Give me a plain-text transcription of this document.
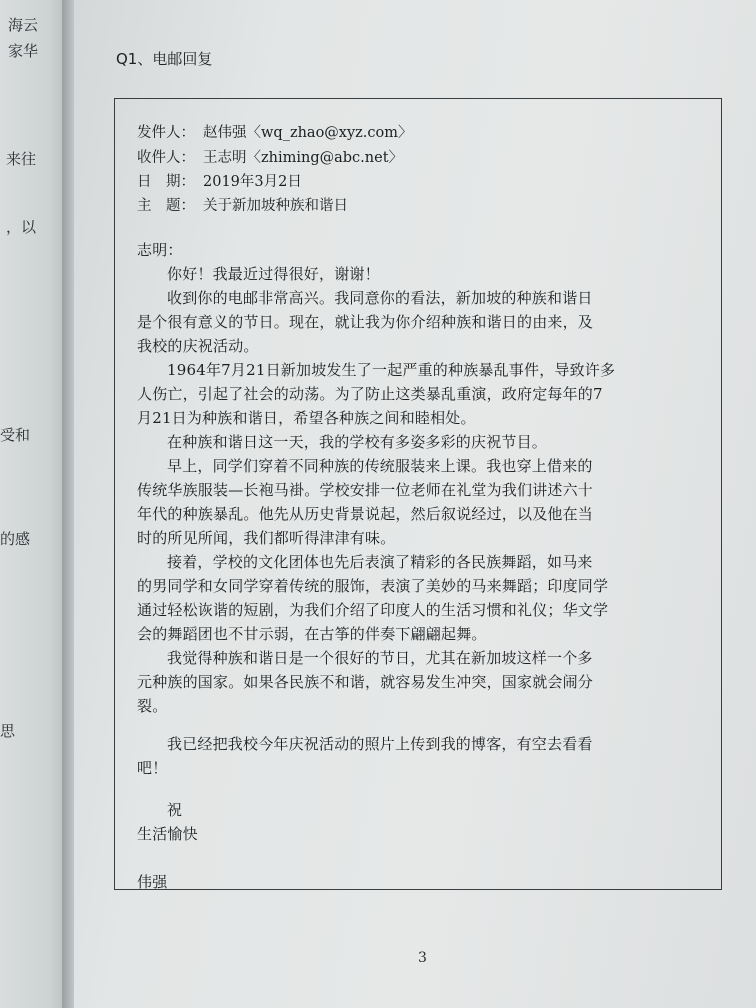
海云
家华
来往
，以
受和
的感
思
Q1、电邮回复
发件人： 赵伟强〈wq_zhao@xyz.com〉
收件人： 王志明〈zhiming@abc.net〉
日　期： 2019年3月2日
主　题： 关于新加坡种族和谐日
志明：
你好！我最近过得很好，谢谢！
收到你的电邮非常高兴。我同意你的看法，新加坡的种族和谐日
是个很有意义的节日。现在，就让我为你介绍种族和谐日的由来，及
我校的庆祝活动。
1964年7月21日新加坡发生了一起严重的种族暴乱事件，导致许多
人伤亡，引起了社会的动荡。为了防止这类暴乱重演，政府定每年的7
月21日为种族和谐日，希望各种族之间和睦相处。
在种族和谐日这一天，我的学校有多姿多彩的庆祝节目。
早上，同学们穿着不同种族的传统服装来上课。我也穿上借来的
传统华族服装—长袍马褂。学校安排一位老师在礼堂为我们讲述六十
年代的种族暴乱。他先从历史背景说起，然后叙说经过，以及他在当
时的所见所闻，我们都听得津津有味。
接着，学校的文化团体也先后表演了精彩的各民族舞蹈，如马来
的男同学和女同学穿着传统的服饰，表演了美妙的马来舞蹈；印度同学
通过轻松诙谐的短剧，为我们介绍了印度人的生活习惯和礼仪；华文学
会的舞蹈团也不甘示弱，在古筝的伴奏下翩翩起舞。
我觉得种族和谐日是一个很好的节日，尤其在新加坡这样一个多
元种族的国家。如果各民族不和谐，就容易发生冲突，国家就会闹分
裂。
我已经把我校今年庆祝活动的照片上传到我的博客，有空去看看
吧！
祝
生活愉快
伟强
3
